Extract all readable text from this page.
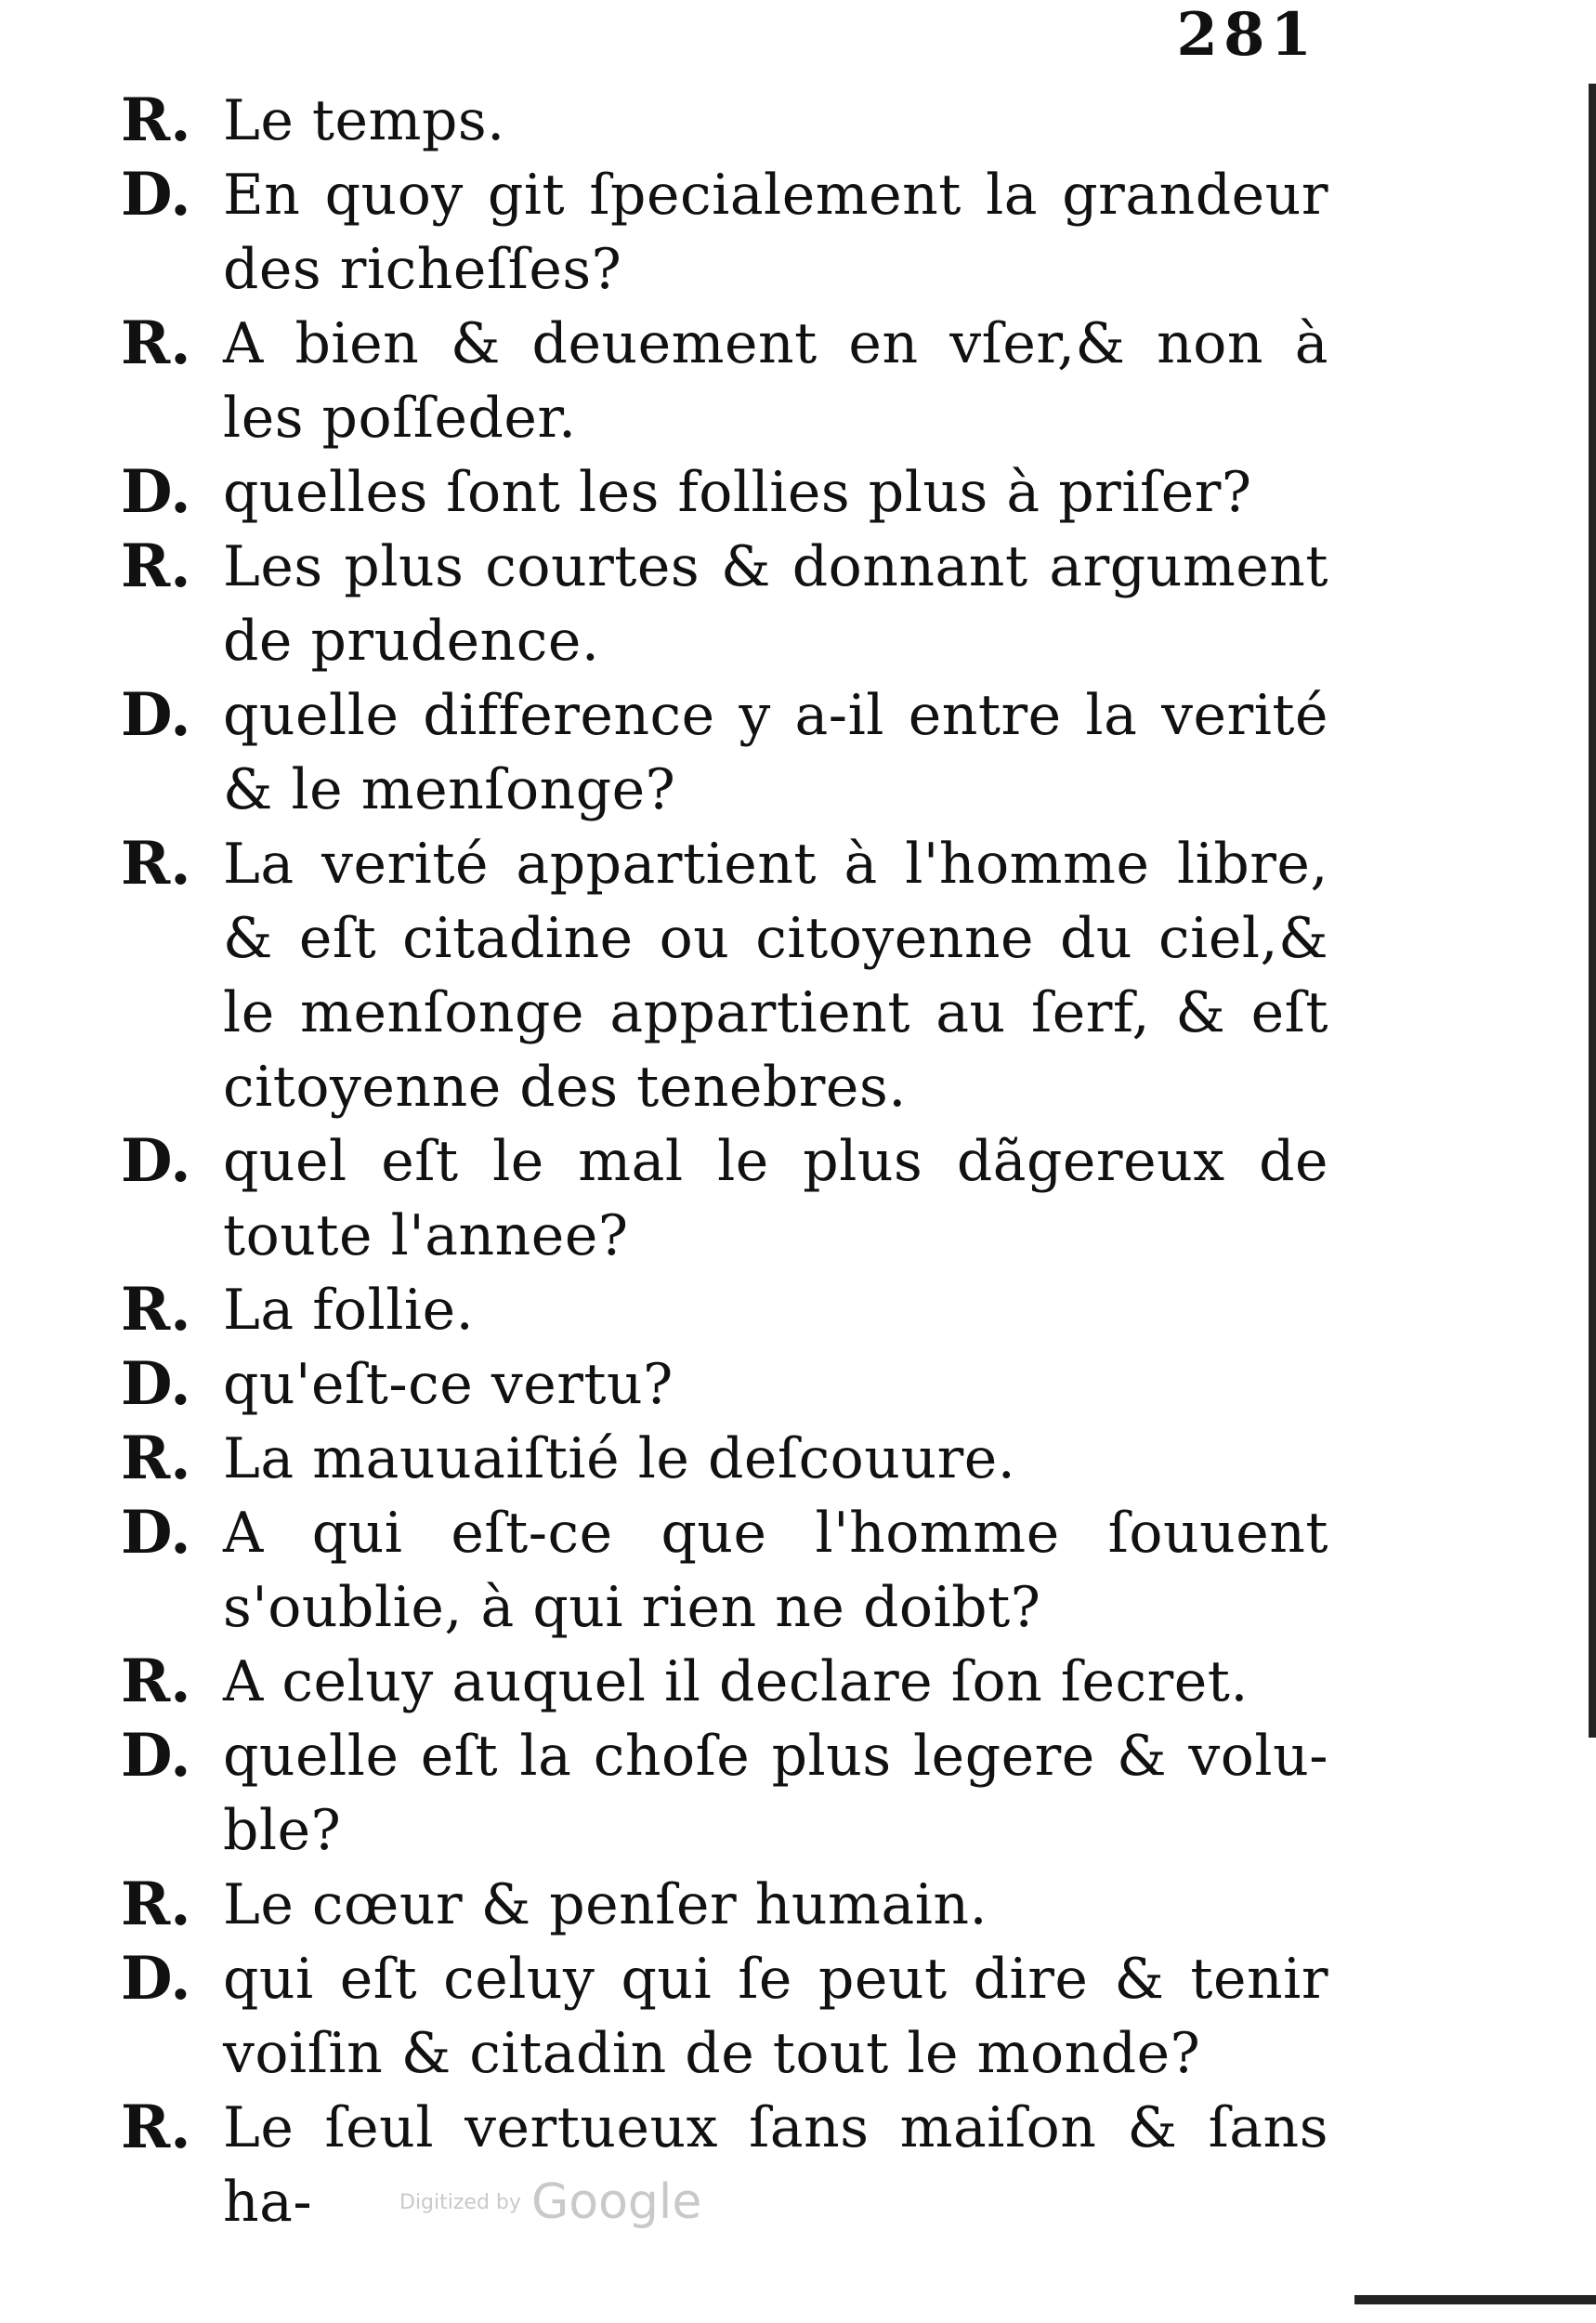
281
R. Le temps.
D. En quoy git ſpecialement la grandeur des richeſſes?
R. A bien & deuement en vſer,& non à les poſſeder.
D. quelles ſont les follies plus à priſer?
R. Les plus courtes & donnant argument de prudence.
D. quelle difference y a-il entre la verité & le menſonge?
R. La verité appartient à l'homme libre, & eſt citadine ou citoyenne du ciel,& le menſonge appartient au ſerf, & eſt citoyenne des tenebres.
D. quel eſt le mal le plus dãgereux de toute l'annee?
R. La follie.
D. qu'eſt-ce vertu?
R. La mauuaiſtié le deſcouure.
D. A qui eſt-ce que l'homme ſouuent s'oublie, à qui rien ne doibt?
R. A celuy auquel il declare ſon ſecret.
D. quelle eſt la choſe plus legere & volu-ble?
R. Le cœur & penſer humain.
D. qui eſt celuy qui ſe peut dire & tenir voiſin & citadin de tout le monde?
R. Le ſeul vertueux ſans maiſon & ſans ha-	Digitized by Google
